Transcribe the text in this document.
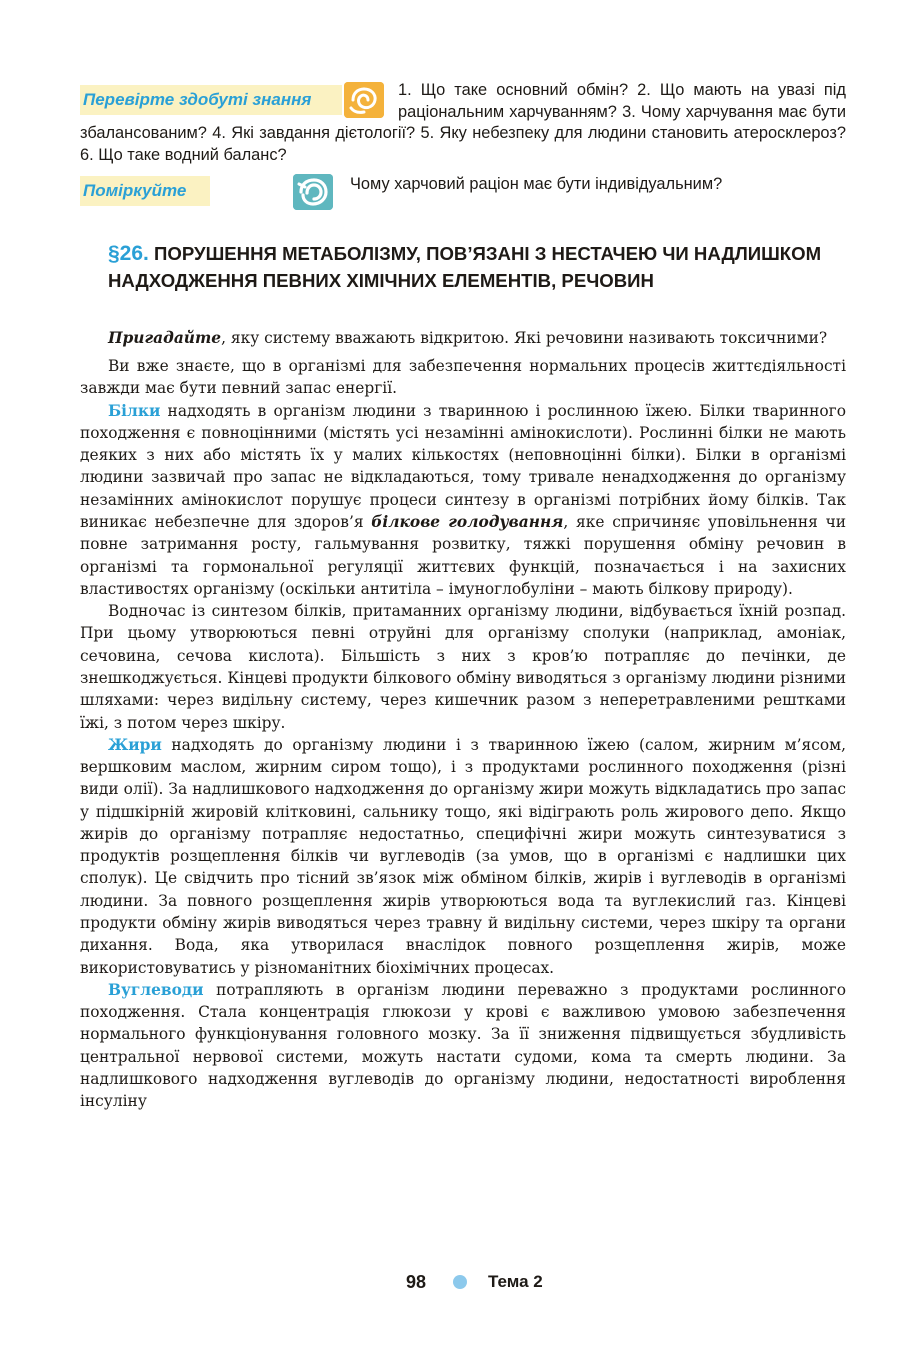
1. Що таке основний обмін? 2. Що мають на увазі під раціональним харчуванням? 3. Чому харчування має бути збалансованим? 4. Які завдання дієтології? 5. Яку небезпеку для людини становить атеросклероз? 6. Що таке водний баланс?

Перевірте здобуті знання
Поміркуйте	Чому харчовий раціон має бути індивідуальним?

§26. ПОРУШЕННЯ МЕТАБОЛІЗМУ, ПОВ’ЯЗАНІ З НЕСТАЧЕЮ ЧИ НАДЛИШКОМ НАДХОДЖЕННЯ ПЕВНИХ ХІМІЧНИХ ЕЛЕМЕНТІВ, РЕЧОВИН

Пригадайте, яку систему вважають відкритою. Які речовини називають токсичними?

Ви вже знаєте, що в організмі для забезпечення нормальних процесів життєдіяльності завжди має бути певний запас енергії.

Білки надходять в організм людини з тваринною і рослинною їжею. Білки тваринного походження є повноцінними (містять усі незамінні амінокислоти). Рослинні білки не мають деяких з них або містять їх у малих кількостях (неповноцінні білки). Білки в організмі людини зазвичай про запас не відкладаються, тому тривале ненадходження до організму незамінних амінокислот порушує процеси синтезу в організмі потрібних йому білків. Так виникає небезпечне для здоров’я білкове голодування, яке спричиняє уповільнення чи повне затримання росту, гальмування розвитку, тяжкі порушення обміну речовин в організмі та гормональної регуляції життєвих функцій, позначається і на захисних властивостях організму (оскільки антитіла – імуноглобуліни – мають білкову природу).

Водночас із синтезом білків, притаманних організму людини, відбувається їхній розпад. При цьому утворюються певні отруйні для організму сполуки (наприклад, амоніак, сечовина, сечова кислота). Більшість з них з кров’ю потрапляє до печінки, де знешкоджується. Кінцеві продукти білкового обміну виводяться з організму людини різними шляхами: через видільну систему, через кишечник разом з неперетравленими рештками їжі, з потом через шкіру.

Жири надходять до організму людини і з тваринною їжею (салом, жирним м’ясом, вершковим маслом, жирним сиром тощо), і з продуктами рослинного походження (різні види олії). За надлишкового надходження до організму жири можуть відкладатись про запас у підшкірній жировій клітковині, сальнику тощо, які відіграють роль жирового депо. Якщо жирів до організму потрапляє недостатньо, специфічні жири можуть синтезуватися з продуктів розщеплення білків чи вуглеводів (за умов, що в організмі є надлишки цих сполук). Це свідчить про тісний зв’язок між обміном білків, жирів і вуглеводів в організмі людини. За повного розщеплення жирів утворюються вода та вуглекислий газ. Кінцеві продукти обміну жирів виводяться через травну й видільну системи, через шкіру та органи дихання. Вода, яка утворилася внаслідок повного розщеплення жирів, може використовуватись у різноманітних біохімічних процесах.

Вуглеводи потрапляють в організм людини переважно з продуктами рослинного походження. Стала концентрація глюкози у крові є важливою умовою забезпечення нормального функціонування головного мозку. За її зниження підвищується збудливість центральної нервової системи, можуть настати судоми, кома та смерть людини. За надлишкового надходження вуглеводів до організму людини, недостатності вироблення інсуліну

98	Тема 2
